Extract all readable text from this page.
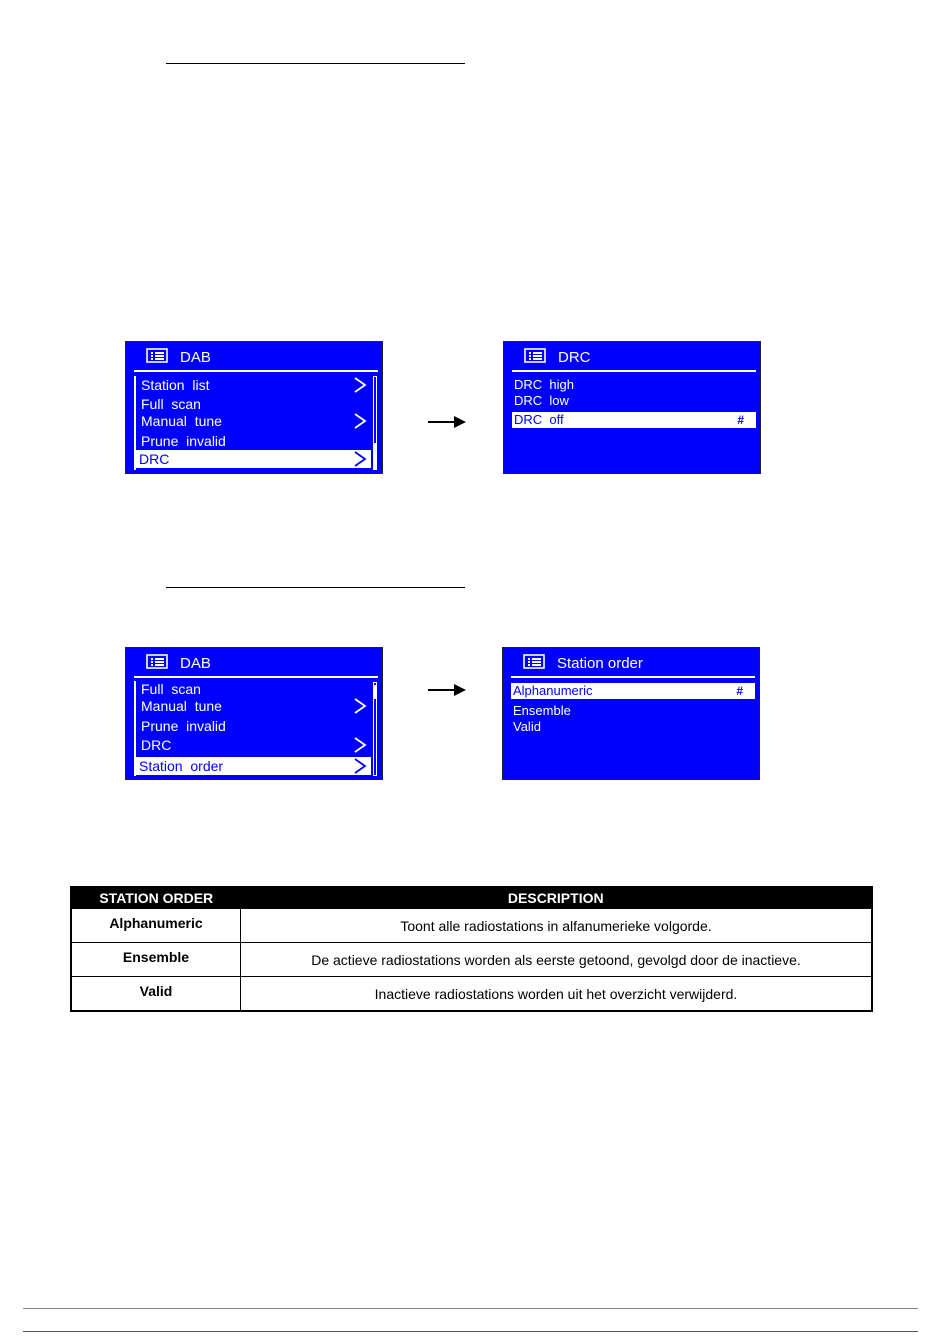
DAB

Station  list

Full  scan

Manual  tune

Prune  invalid

DRC

DRC

DRC  high

DRC  low

DRC  off

	#

DAB

Full  scan

Manual  tune

Prune  invalid

DRC

Station  order

Station order

Alphanumeric

	#

Ensemble

Valid

STATION ORDER	DESCRIPTION
Alphanumeric	Toont alle radiostations in alfanumerieke volgorde.
Ensemble	De actieve radiostations worden als eerste getoond, gevolgd door de inactieve.
Valid	Inactieve radiostations worden uit het overzicht verwijderd.
